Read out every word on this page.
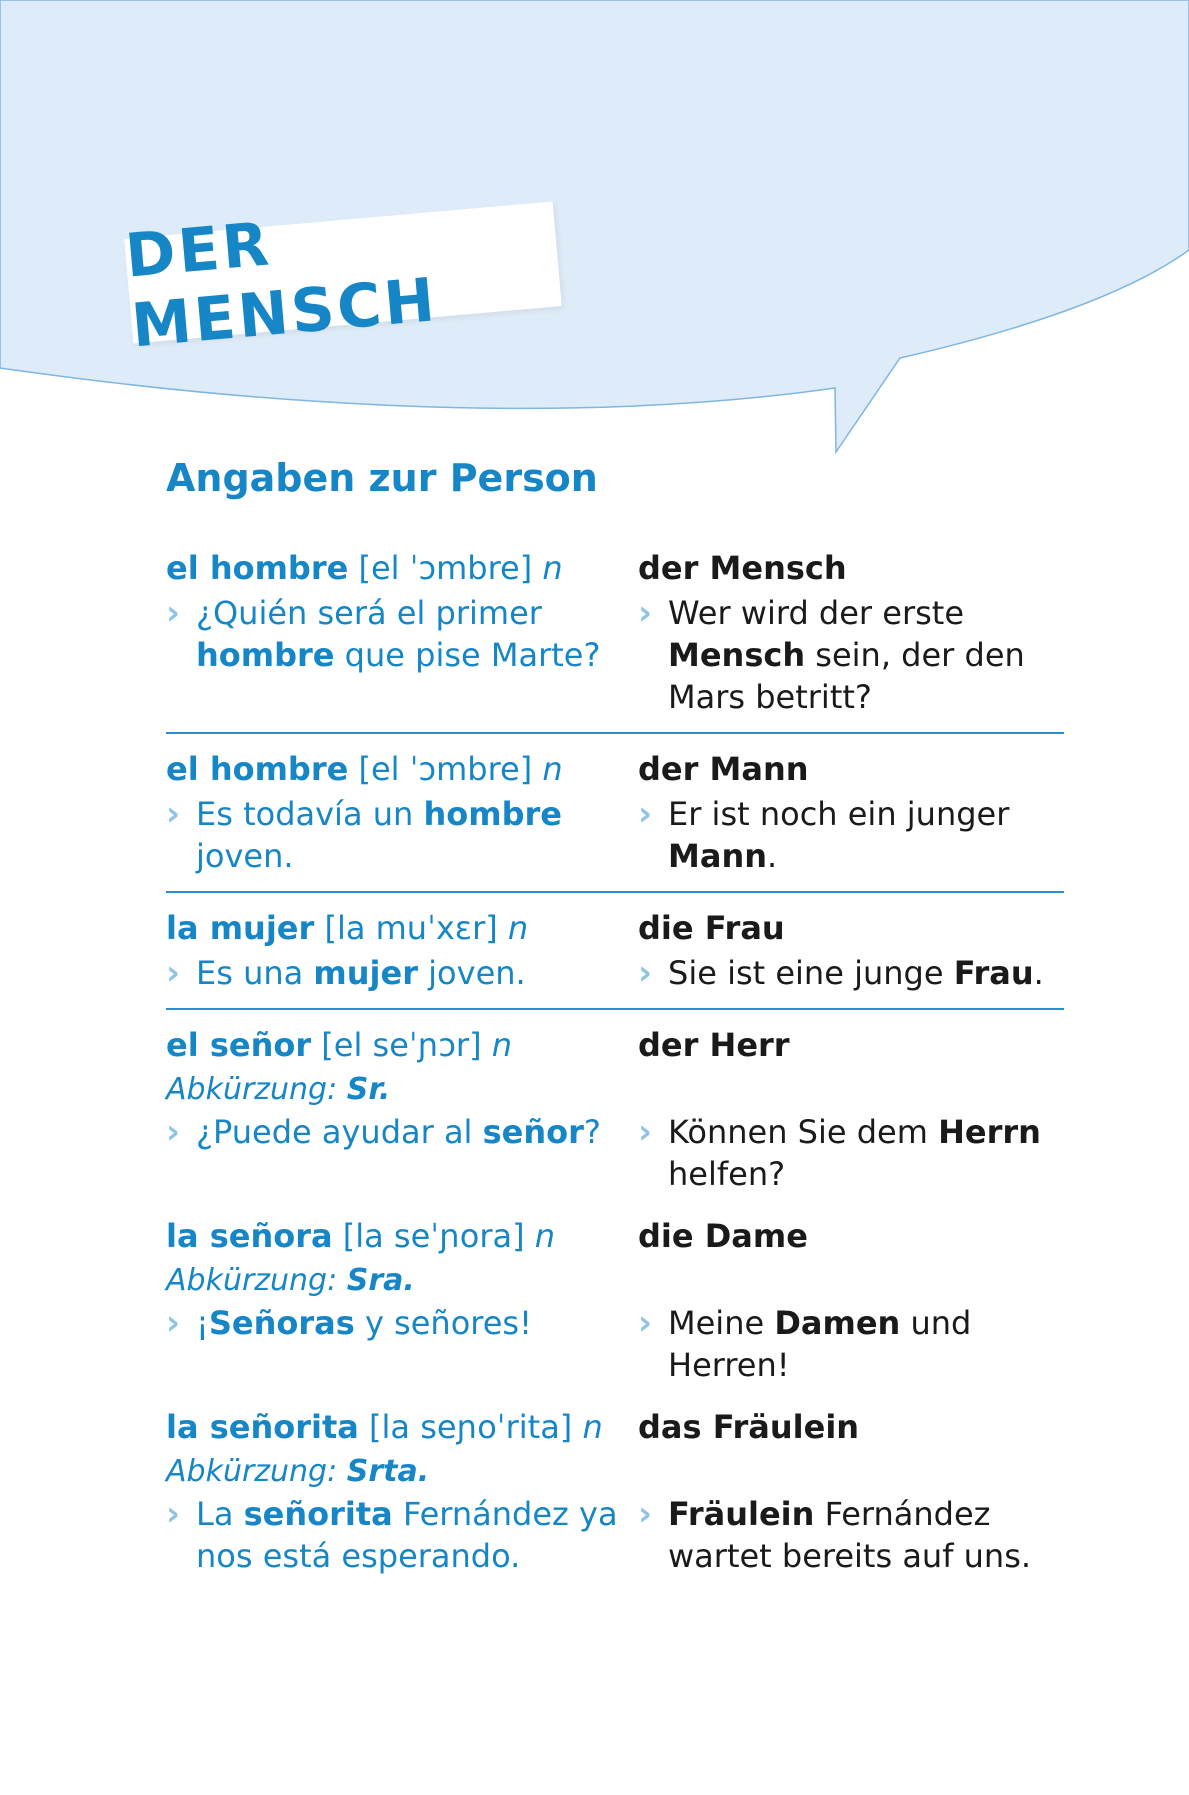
DER MENSCH
Angaben zur Person
el hombre [el ˈɔmbre] n
› ¿Quién será el primer hombre que pise Marte?
der Mensch
› Wer wird der erste Mensch sein, der den Mars betritt?
el hombre [el ˈɔmbre] n
› Es todavía un hombre joven.
der Mann
› Er ist noch ein junger Mann.
la mujer [la muˈxɛr] n
› Es una mujer joven.
die Frau
› Sie ist eine junge Frau.
el señor [el seˈɲɔr] n
Abkürzung: Sr.
› ¿Puede ayudar al señor?
der Herr
› Können Sie dem Herrn helfen?
la señora [la seˈɲora] n
Abkürzung: Sra.
› ¡Señoras y señores!
die Dame
› Meine Damen und Herren!
la señorita [la seɲoˈrita] n
Abkürzung: Srta.
› La señorita Fernández ya nos está esperando.
das Fräulein
› Fräulein Fernández wartet bereits auf uns.
